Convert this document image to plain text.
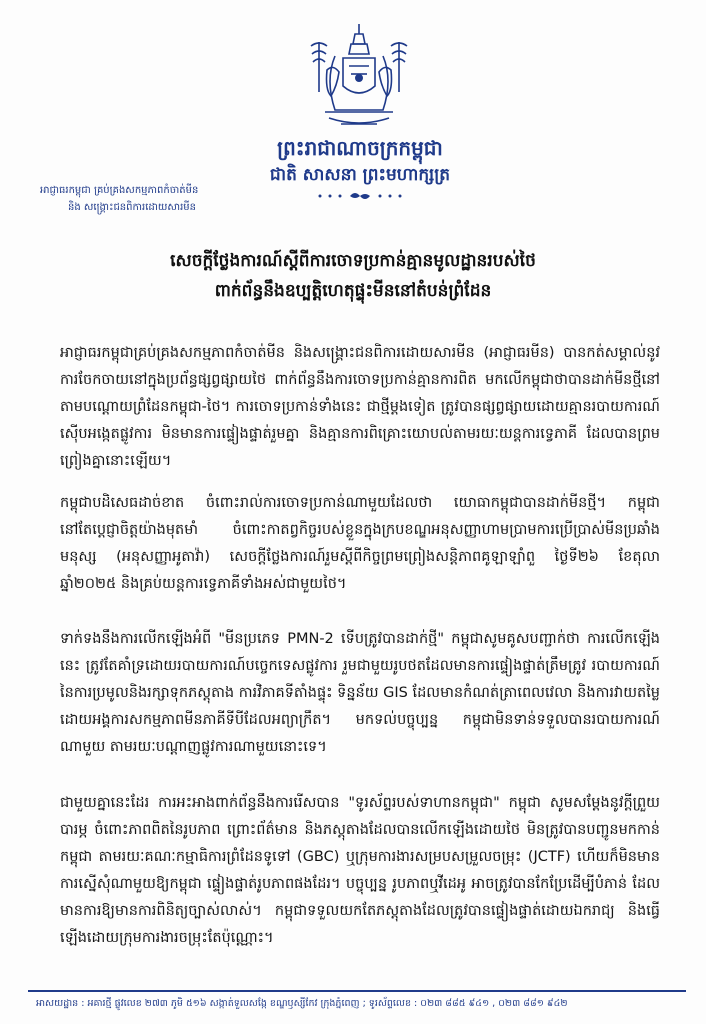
ព្រះរាជាណាចក្រកម្ពុជា
ជាតិ សាសនា ព្រះមហាក្សត្រ
អាជ្ញាធរកម្ពុជា គ្រប់គ្រងសកម្មភាពកំចាត់មីន
និង សង្គ្រោះជនពិការដោយសារមីន
សេចក្តីថ្លែងការណ៍ស្តីពីការចោទប្រកាន់គ្មានមូលដ្ឋានរបស់ថៃ
ពាក់ព័ន្ធនឹងឧប្បត្តិហេតុផ្ទុះមីននៅតំបន់ព្រំដែន

អាជ្ញាធរកម្ពុជាគ្រប់គ្រងសកម្មភាពកំចាត់មីន និងសង្គ្រោះជនពិការដោយសារមីន (អាជ្ញាធរមីន) បានកត់សម្គាល់នូវការចែកចាយនៅក្នុងប្រព័ន្ធផ្សព្វផ្សាយថៃ ពាក់ព័ន្ធនឹងការចោទប្រកាន់គ្មានការពិត មកលើកម្ពុជាថាបានដាក់មីនថ្មីនៅតាមបណ្តោយព្រំដែនកម្ពុជា-ថៃ។ ការចោទប្រកាន់ទាំងនេះ ជាថ្មីម្តងទៀត ត្រូវបានផ្សព្វផ្សាយដោយគ្មានរបាយការណ៍ស៊ើបអង្កេតផ្លូវការ មិនមានការផ្ទៀងផ្ទាត់រួមគ្នា និងគ្មានការពិគ្រោះយោបល់តាមរយៈយន្តការទ្វេភាគី ដែលបានព្រមព្រៀងគ្នានោះឡើយ។

កម្ពុជាបដិសេធដាច់ខាត ចំពោះរាល់ការចោទប្រកាន់ណាមួយដែលថា យោធាកម្ពុជាបានដាក់មីនថ្មី។ កម្ពុជានៅតែប្តេជ្ញាចិត្តយ៉ាងមុតមាំ ចំពោះកាតព្វកិច្ចរបស់ខ្លួនក្នុងក្របខណ្ឌអនុសញ្ញាហាមប្រាមការប្រើប្រាស់មីនប្រឆាំងមនុស្ស (អនុសញ្ញាអូតាវ៉ា) សេចក្តីថ្លែងការណ៍រួមស្តីពីកិច្ចព្រមព្រៀងសន្តិភាពគូឡាឡាំពួ ថ្ងៃទី២៦ ខែតុលា ឆ្នាំ២០២៥ និងគ្រប់យន្តការទ្វេភាគីទាំងអស់ជាមួយថៃ។

ទាក់ទងនឹងការលើកឡើងអំពី "មីនប្រភេទ PMN-2 ទើបត្រូវបានដាក់ថ្មី" កម្ពុជាសូមគូសបញ្ជាក់ថា ការលើកឡើងនេះ ត្រូវតែគាំទ្រដោយរបាយការណ៍បច្ចេកទេសផ្លូវការ រួមជាមួយរូបថតដែលមានការផ្ទៀងផ្ទាត់ត្រឹមត្រូវ របាយការណ៍នៃការប្រមូលនិងរក្សាទុកភស្តុតាង ការវិភាគទីតាំងផ្ទុះ ទិន្នន័យ GIS ដែលមានកំណត់ត្រាពេលវេលា និងការវាយតម្លៃដោយអង្គការសកម្មភាពមីនភាគីទីបីដែលអព្យាក្រឹត។ មកទល់បច្ចុប្បន្ន កម្ពុជាមិនទាន់ទទួលបានរបាយការណ៍ណាមួយ តាមរយៈបណ្តាញផ្លូវការណាមួយនោះទេ។

ជាមួយគ្នានេះដែរ ការអះអាងពាក់ព័ន្ធនឹងការរើសបាន "ទូរស័ព្ទរបស់ទាហានកម្ពុជា" កម្ពុជា សូមសម្តែងនូវក្តីព្រួយបារម្ភ ចំពោះភាពពិតនៃរូបភាព ព្រោះព័ត៌មាន និងភស្តុតាងដែលបានលើកឡើងដោយថៃ មិនត្រូវបានបញ្ជូនមកកាន់កម្ពុជា តាមរយៈគណៈកម្មាធិការព្រំដែនទូទៅ (GBC) ឬក្រុមការងារសម្របសម្រួលចម្រុះ (JCTF) ហើយក៏មិនមានការស្នើសុំណាមួយឱ្យកម្ពុជា ផ្ទៀងផ្ទាត់រូបភាពផងដែរ។ បច្ចុប្បន្ន រូបភាពឬវីដេអូ អាចត្រូវបានកែប្រែដើម្បីបំភាន់ ដែលមានការឱ្យមានការពិនិត្យច្បាស់លាស់។ កម្ពុជាទទួលយកតែភស្តុតាងដែលត្រូវបានផ្ទៀងផ្ទាត់ដោយឯករាជ្យ និងធ្វើឡើងដោយក្រុមការងារចម្រុះតែប៉ុណ្ណោះ។

អាសយដ្ឋាន : អគារថ្មី ផ្លូវលេខ ២៧៣ ភូមិ ៥១៦ សង្កាត់ទួលសង្កែ ខណ្ឌឫស្សីកែវ ក្រុងភ្នំពេញ ; ទូរស័ព្ទលេខ : ០២៣ ៨៨៥ ៩៤១ , ០២៣ ៨៨១ ៩៤២
